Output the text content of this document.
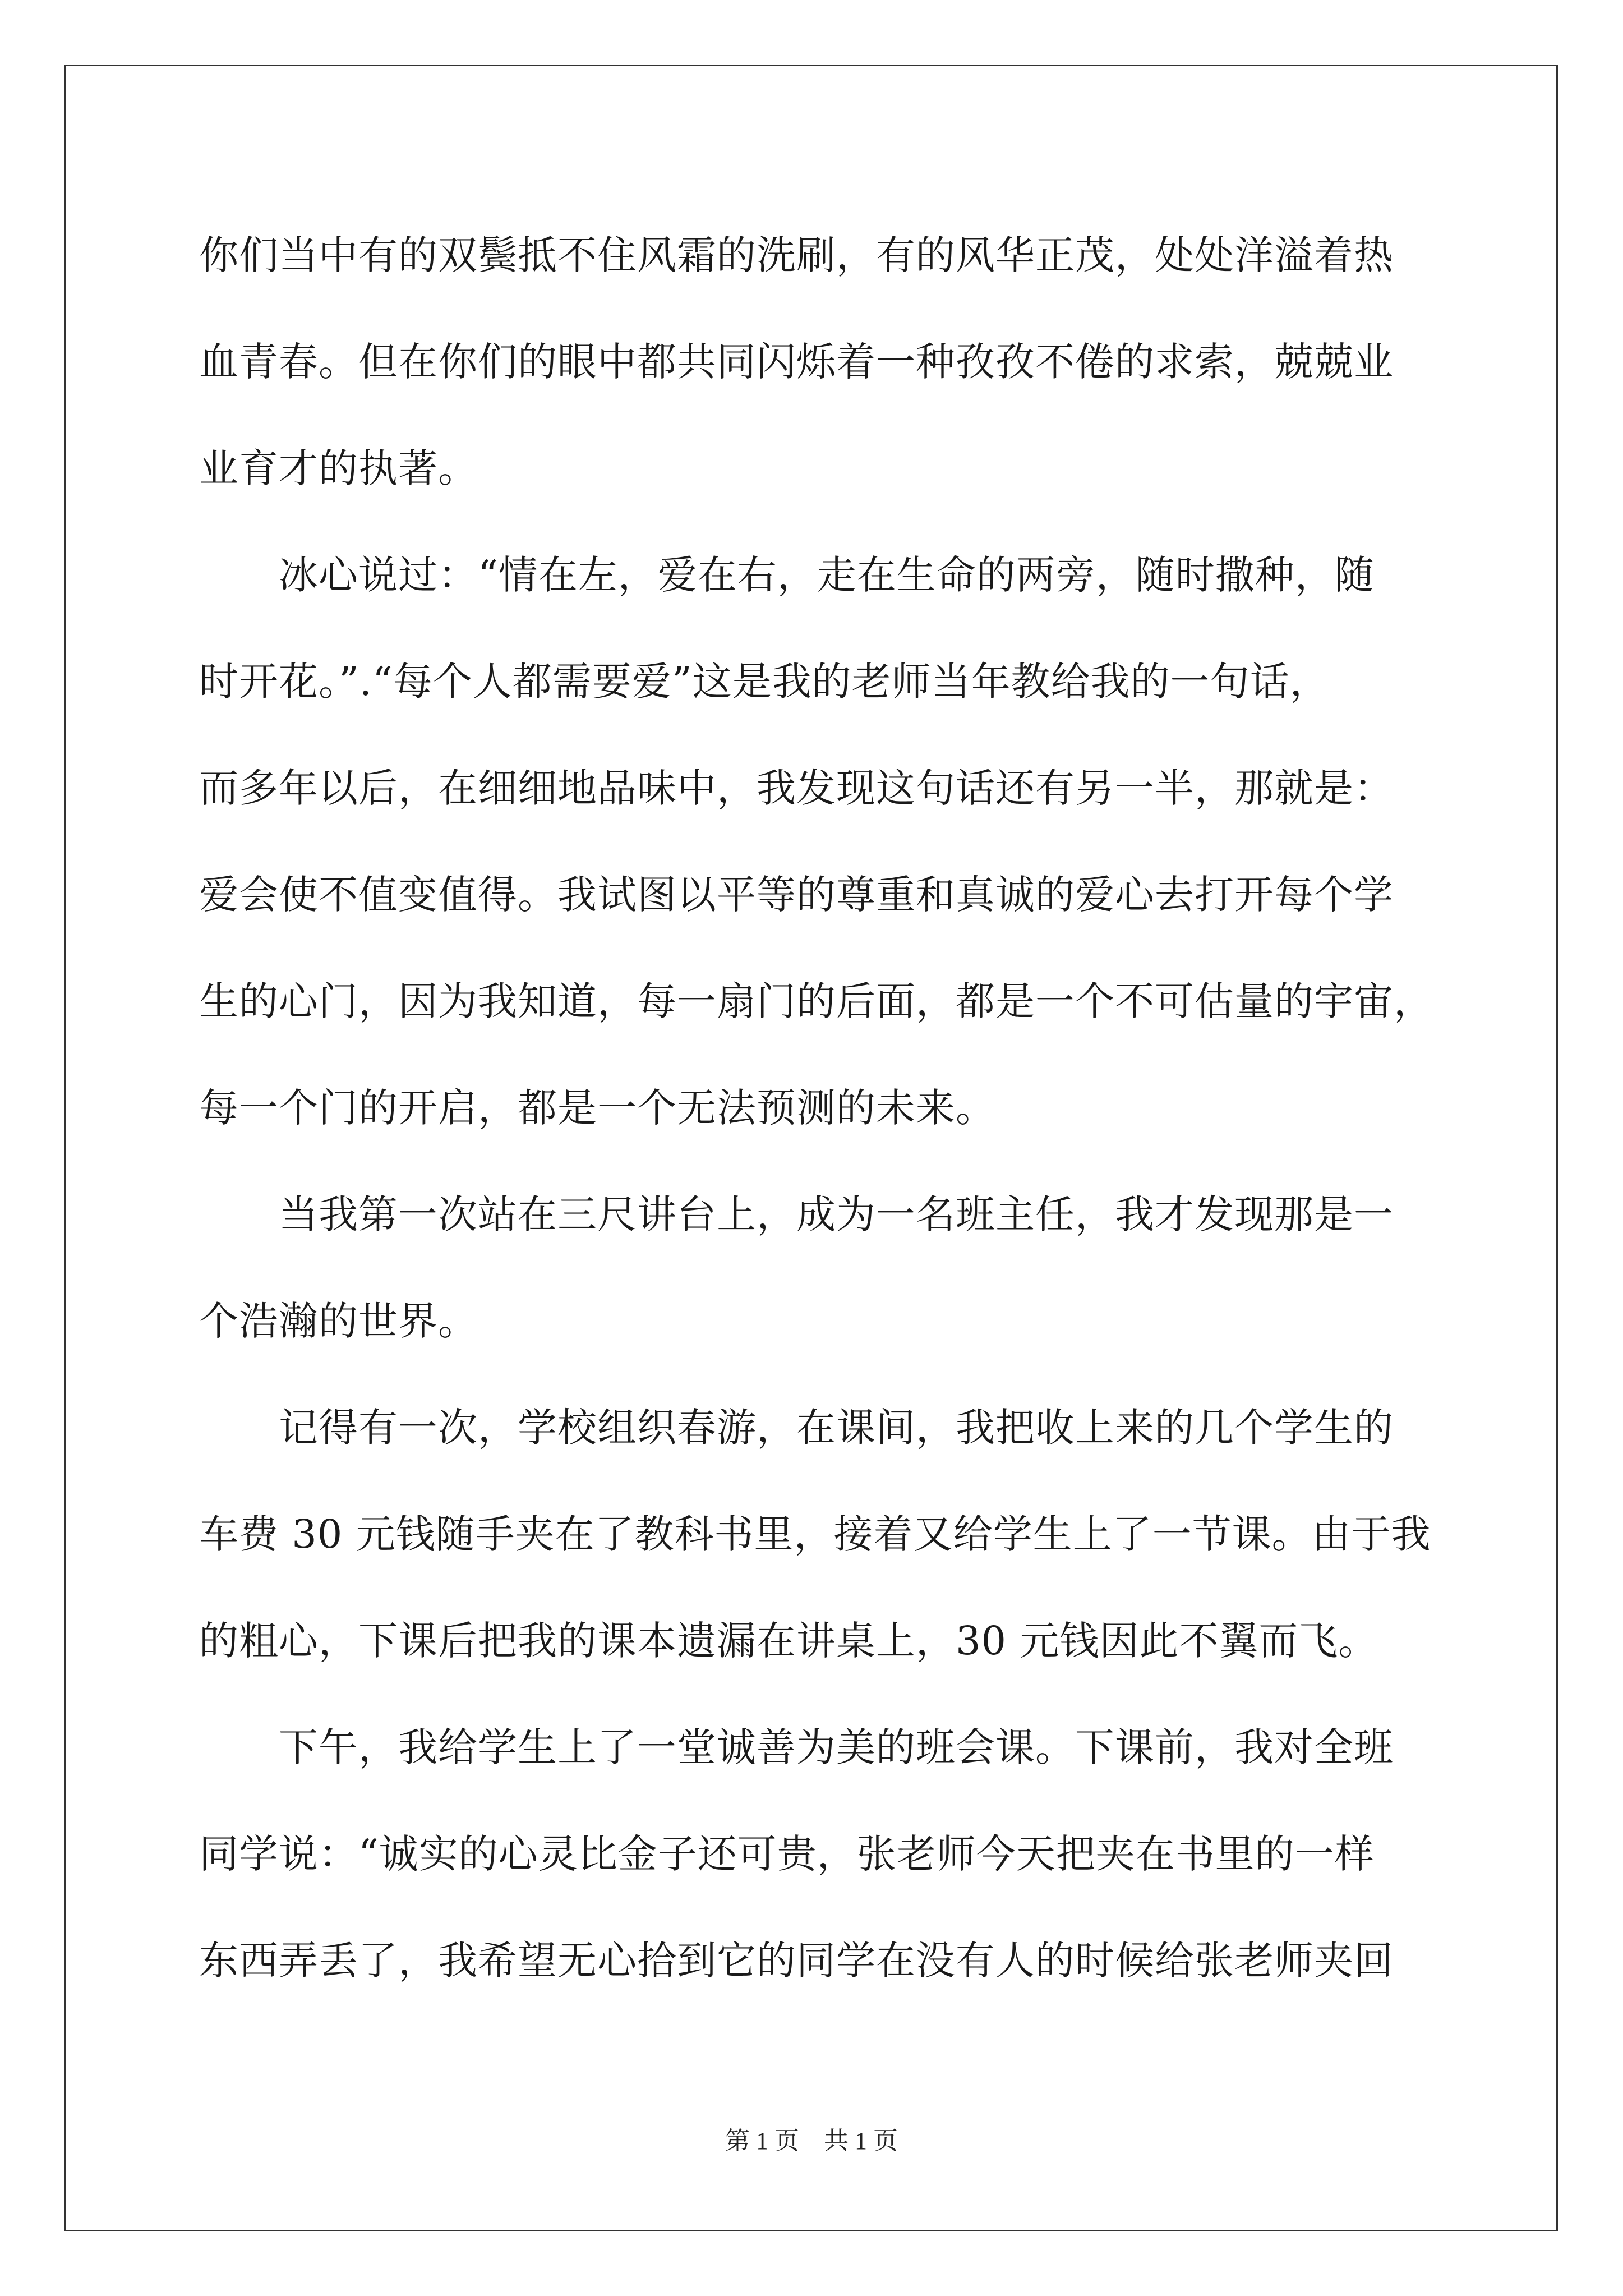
你们当中有的双鬓抵不住风霜的洗刷，有的风华正茂，处处洋溢着热
血青春。但在你们的眼中都共同闪烁着一种孜孜不倦的求索，兢兢业
业育才的执著。
　　冰心说过：“情在左，爱在右，走在生命的两旁，随时撒种，随
时开花。”.“每个人都需要爱”这是我的老师当年教给我的一句话，
而多年以后，在细细地品味中，我发现这句话还有另一半，那就是：
爱会使不值变值得。我试图以平等的尊重和真诚的爱心去打开每个学
生的心门，因为我知道，每一扇门的后面，都是一个不可估量的宇宙，
每一个门的开启，都是一个无法预测的未来。
　　当我第一次站在三尺讲台上，成为一名班主任，我才发现那是一
个浩瀚的世界。
　　记得有一次，学校组织春游，在课间，我把收上来的几个学生的
车费 30 元钱随手夹在了教科书里，接着又给学生上了一节课。由于我
的粗心，下课后把我的课本遗漏在讲桌上，30 元钱因此不翼而飞。
　　下午，我给学生上了一堂诚善为美的班会课。下课前，我对全班
同学说：“诚实的心灵比金子还可贵，张老师今天把夹在书里的一样
东西弄丢了，我希望无心拾到它的同学在没有人的时候给张老师夹回
第 1 页　共 1 页
